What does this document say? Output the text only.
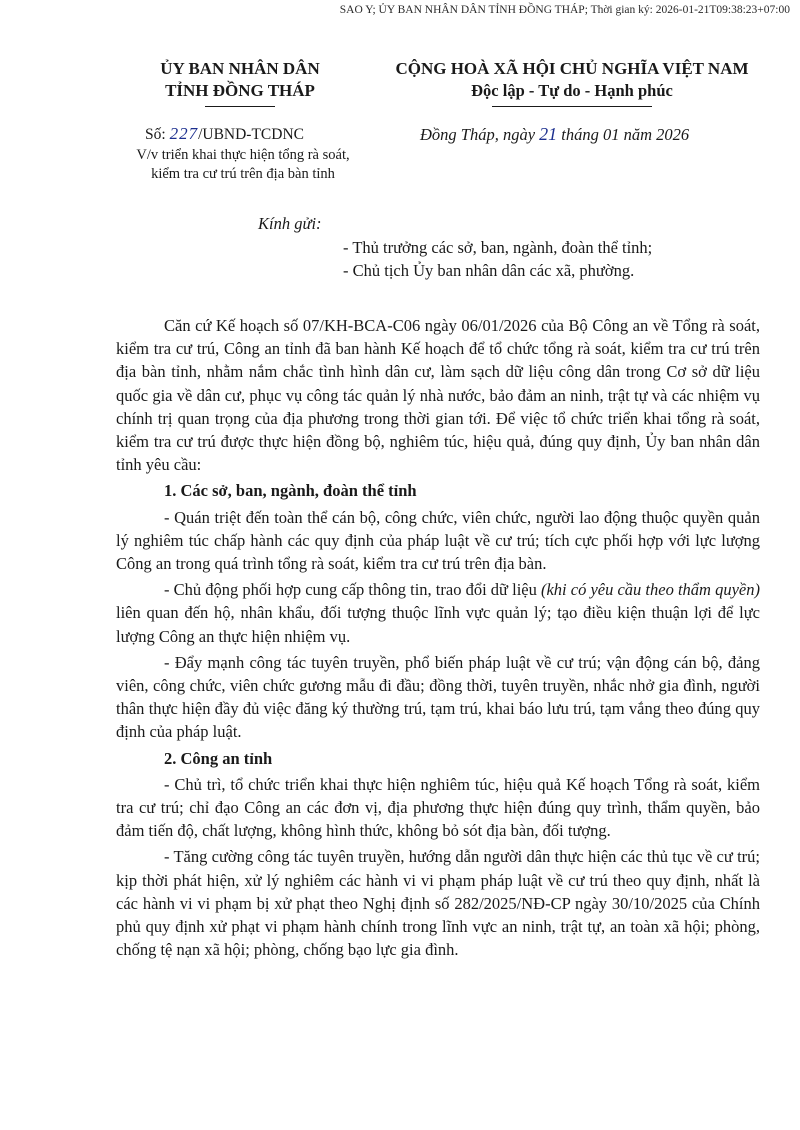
SAO Y; ỦY BAN NHÂN DÂN TỈNH ĐỒNG THÁP; Thời gian ký: 2026-01-21T09:38:23+07:00
ỦY BAN NHÂN DÂN
TỈNH ĐỒNG THÁP
CỘNG HOÀ XÃ HỘI CHỦ NGHĨA VIỆT NAM
Độc lập - Tự do - Hạnh phúc
Số: 227/UBND-TCDNC
V/v triển khai thực hiện tổng rà soát,
kiểm tra cư trú trên địa bàn tỉnh
Đồng Tháp, ngày 21 tháng 01 năm 2026
Kính gửi:
- Thủ trưởng các sở, ban, ngành, đoàn thể tỉnh;
- Chủ tịch Ủy ban nhân dân các xã, phường.

Căn cứ Kế hoạch số 07/KH-BCA-C06 ngày 06/01/2026 của Bộ Công an về Tổng rà soát, kiểm tra cư trú, Công an tỉnh đã ban hành Kế hoạch để tổ chức tổng rà soát, kiểm tra cư trú trên địa bàn tỉnh, nhằm nắm chắc tình hình dân cư, làm sạch dữ liệu công dân trong Cơ sở dữ liệu quốc gia về dân cư, phục vụ công tác quản lý nhà nước, bảo đảm an ninh, trật tự và các nhiệm vụ chính trị quan trọng của địa phương trong thời gian tới. Để việc tổ chức triển khai tổng rà soát, kiểm tra cư trú được thực hiện đồng bộ, nghiêm túc, hiệu quả, đúng quy định, Ủy ban nhân dân tỉnh yêu cầu:

1. Các sở, ban, ngành, đoàn thể tỉnh

- Quán triệt đến toàn thể cán bộ, công chức, viên chức, người lao động thuộc quyền quản lý nghiêm túc chấp hành các quy định của pháp luật về cư trú; tích cực phối hợp với lực lượng Công an trong quá trình tổng rà soát, kiểm tra cư trú trên địa bàn.

- Chủ động phối hợp cung cấp thông tin, trao đổi dữ liệu (khi có yêu cầu theo thẩm quyền) liên quan đến hộ, nhân khẩu, đối tượng thuộc lĩnh vực quản lý; tạo điều kiện thuận lợi để lực lượng Công an thực hiện nhiệm vụ.

- Đẩy mạnh công tác tuyên truyền, phổ biến pháp luật về cư trú; vận động cán bộ, đảng viên, công chức, viên chức gương mẫu đi đầu; đồng thời, tuyên truyền, nhắc nhở gia đình, người thân thực hiện đầy đủ việc đăng ký thường trú, tạm trú, khai báo lưu trú, tạm vắng theo đúng quy định của pháp luật.

2. Công an tỉnh

- Chủ trì, tổ chức triển khai thực hiện nghiêm túc, hiệu quả Kế hoạch Tổng rà soát, kiểm tra cư trú; chỉ đạo Công an các đơn vị, địa phương thực hiện đúng quy trình, thẩm quyền, bảo đảm tiến độ, chất lượng, không hình thức, không bỏ sót địa bàn, đối tượng.

- Tăng cường công tác tuyên truyền, hướng dẫn người dân thực hiện các thủ tục về cư trú; kịp thời phát hiện, xử lý nghiêm các hành vi vi phạm pháp luật về cư trú theo quy định, nhất là các hành vi vi phạm bị xử phạt theo Nghị định số 282/2025/NĐ-CP ngày 30/10/2025 của Chính phủ quy định xử phạt vi phạm hành chính trong lĩnh vực an ninh, trật tự, an toàn xã hội; phòng, chống tệ nạn xã hội; phòng, chống bạo lực gia đình.
